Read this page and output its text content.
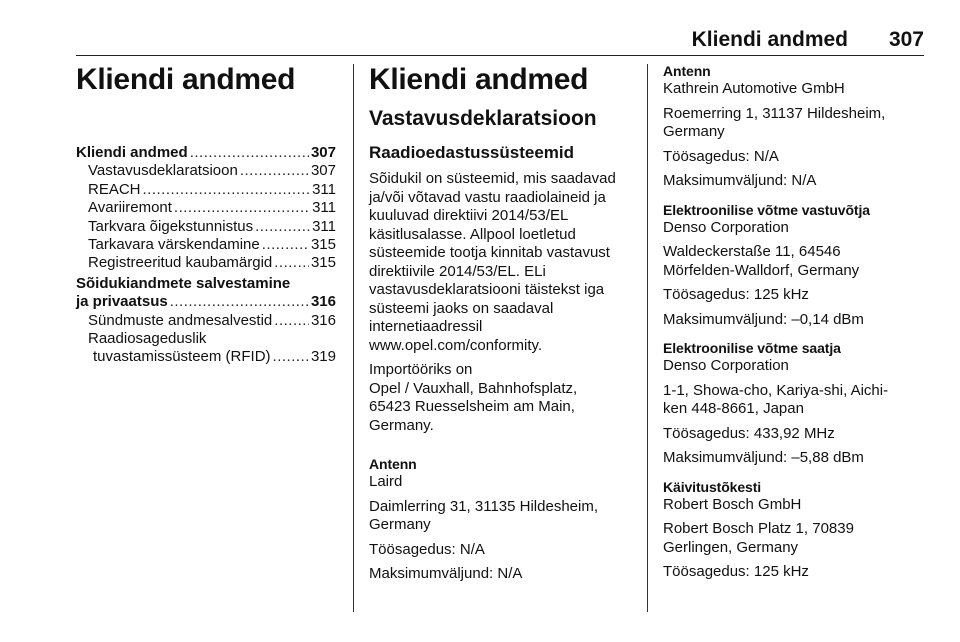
Kliendi andmed 307
Kliendi andmed
Kliendi andmed .....	307
Vastavusdeklaratsioon .....	307
REACH .....	311
Avariiremont .....	311
Tarkvara õigekstunnistus .....	311
Tarkavara värskendamine .....	315
Registreeritud kaubamärgid .....	315
Sõidukiandmete salvestamine
ja privaatsus .....	316
Sündmuste andmesalvestid .....	316
Raadiosageduslik
tuvastamissüsteem (RFID) .....	319
Kliendi andmed
Vastavusdeklaratsioon
Raadioedastussüsteemid

Sõidukil on süsteemid, mis saadavad

ja/või võtavad vastu raadiolaineid ja

kuuluvad direktiivi 2014/53/EL

käsitlusalasse. Allpool loetletud

süsteemide tootja kinnitab vastavust

direktiivile 2014/53/EL. ELi

vastavusdeklaratsiooni täistekst iga

süsteemi jaoks on saadaval

internetiaadressil

www.opel.com/conformity.

Importööriks on

Opel / Vauxhall, Bahnhofsplatz,

65423 Ruesselsheim am Main,

Germany.

Antenn

Laird

Daimlerring 31, 31135 Hildesheim,

Germany

Töösagedus: N/A

Maksimumväljund: N/A

Antenn

Kathrein Automotive GmbH

Roemerring 1, 31137 Hildesheim,

Germany

Töösagedus: N/A

Maksimumväljund: N/A

Elektroonilise võtme vastuvõtja

Denso Corporation

Waldeckerstaße 11, 64546

Mörfelden-Walldorf, Germany

Töösagedus: 125 kHz

Maksimumväljund: –0,14 dBm

Elektroonilise võtme saatja

Denso Corporation

1-1, Showa-cho, Kariya-shi, Aichi-

ken 448-8661, Japan

Töösagedus: 433,92 MHz

Maksimumväljund: –5,88 dBm

Käivitustõkesti

Robert Bosch GmbH

Robert Bosch Platz 1, 70839

Gerlingen, Germany

Töösagedus: 125 kHz
